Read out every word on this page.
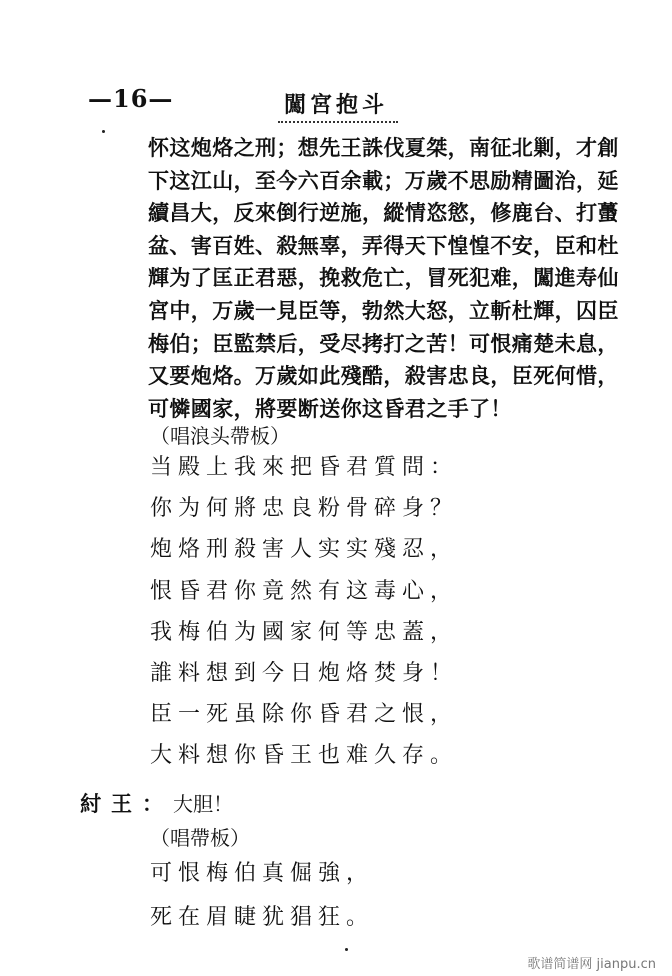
—16—	闖宮抱斗
怀这炮烙之刑；想先王誅伐夏桀，南征北剿，才創
下这江山，至今六百余載；万歲不思励精圖治，延
續昌大，反來倒行逆施，縱情恣慾，修鹿台、打蠆
盆、害百姓、殺無辜，弄得天下惶惶不安，臣和杜
輝为了匡正君惡，挽救危亡，冒死犯难，闖進寿仙
宮中，万歲一見臣等，勃然大怒，立斬杜輝，囚臣
梅伯；臣監禁后，受尽拷打之苦！可恨痛楚未息，
又要炮烙。万歲如此殘酷，殺害忠良，臣死何惜，
可憐國家，將要断送你这昏君之手了！
（唱浪头帶板）
当殿上我來把昏君質問：
你为何將忠良粉骨碎身？
炮烙刑殺害人实实殘忍，
恨昏君你竟然有这毒心，
我梅伯为國家何等忠蓋，
誰料想到今日炮烙焚身！
臣一死虽除你昏君之恨，
大料想你昏王也难久存。
紂王：大胆！
（唱帶板）
可恨梅伯真倔強，
死在眉睫犹猖狂。
歌谱简谱网 jianpu.cn
